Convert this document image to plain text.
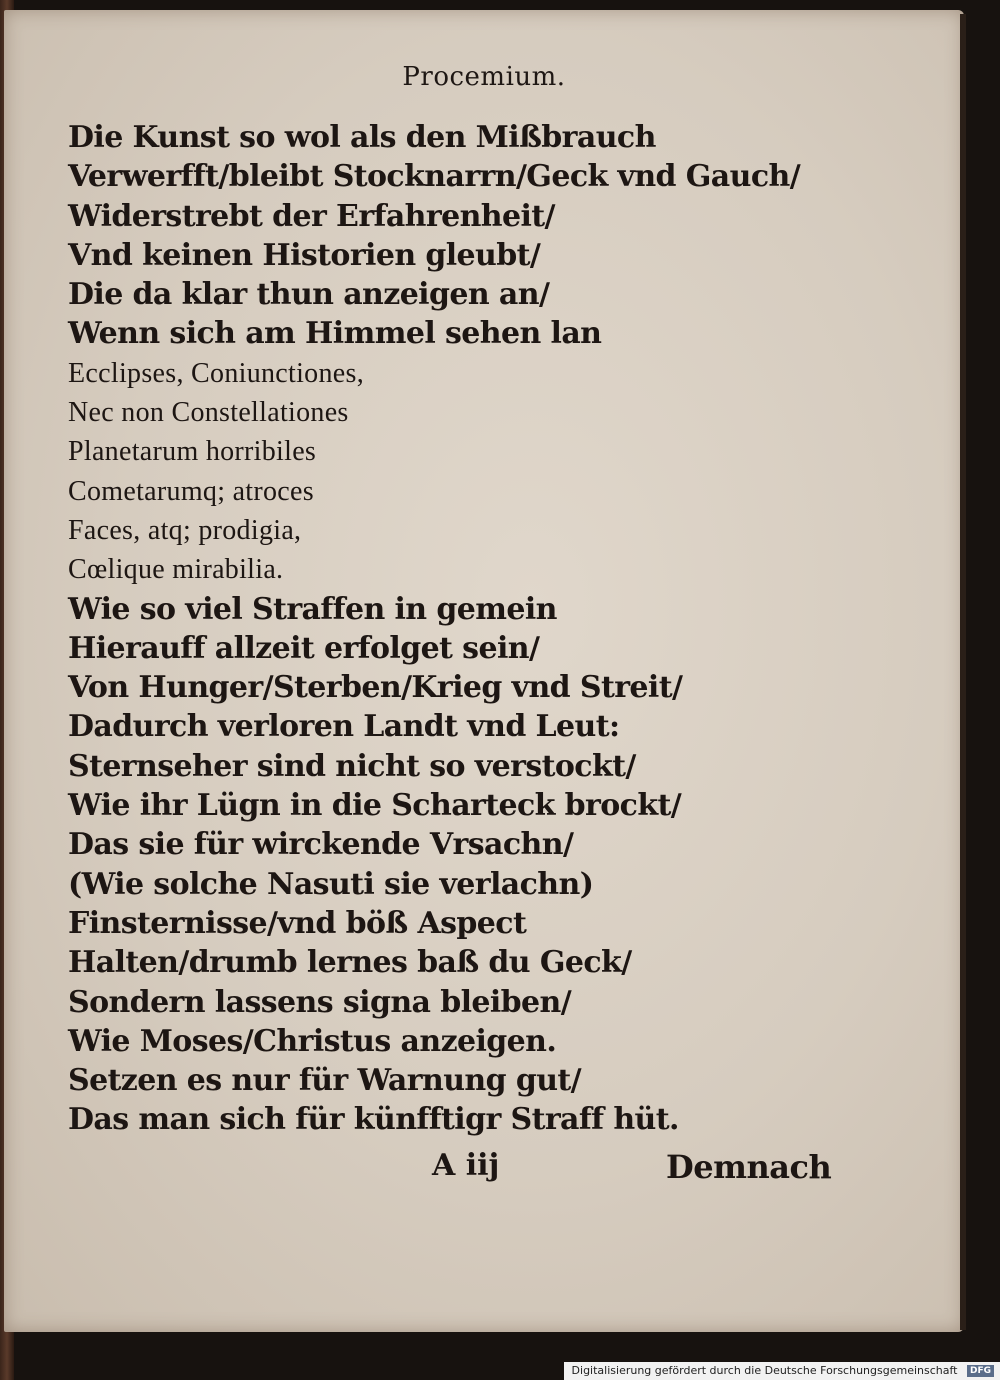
Procemium.
Die Kunst so wol als den Mißbrauch
Verwerfft/bleibt Stocknarrn/Geck vnd Gauch/
Widerstrebt der Erfahrenheit/
Vnd keinen Historien gleubt/
Die da klar thun anzeigen an/
Wenn sich am Himmel sehen lan
Ecclipses, Coniunctiones,
Nec non Constellationes
Planetarum horribiles
Cometarumq; atroces
Faces, atq; prodigia,
Cœlique mirabilia.
Wie so viel Straffen in gemein
Hierauff allzeit erfolget sein/
Von Hunger/Sterben/Krieg vnd Streit/
Dadurch verloren Landt vnd Leut:
Sternseher sind nicht so verstockt/
Wie ihr Lügn in die Scharteck brockt/
Das sie für wirckende Vrsachn/
(Wie solche Nasuti sie verlachn)
Finsternisse/vnd böß Aspect
Halten/drumb lernes baß du Geck/
Sondern lassens signa bleiben/
Wie Moses/Christus anzeigen.
Setzen es nur für Warnung gut/
Das man sich für künfftigr Straff hüt.
A iij	Demnach
Digitalisierung gefördert durch die Deutsche Forschungsgemeinschaft DFG
